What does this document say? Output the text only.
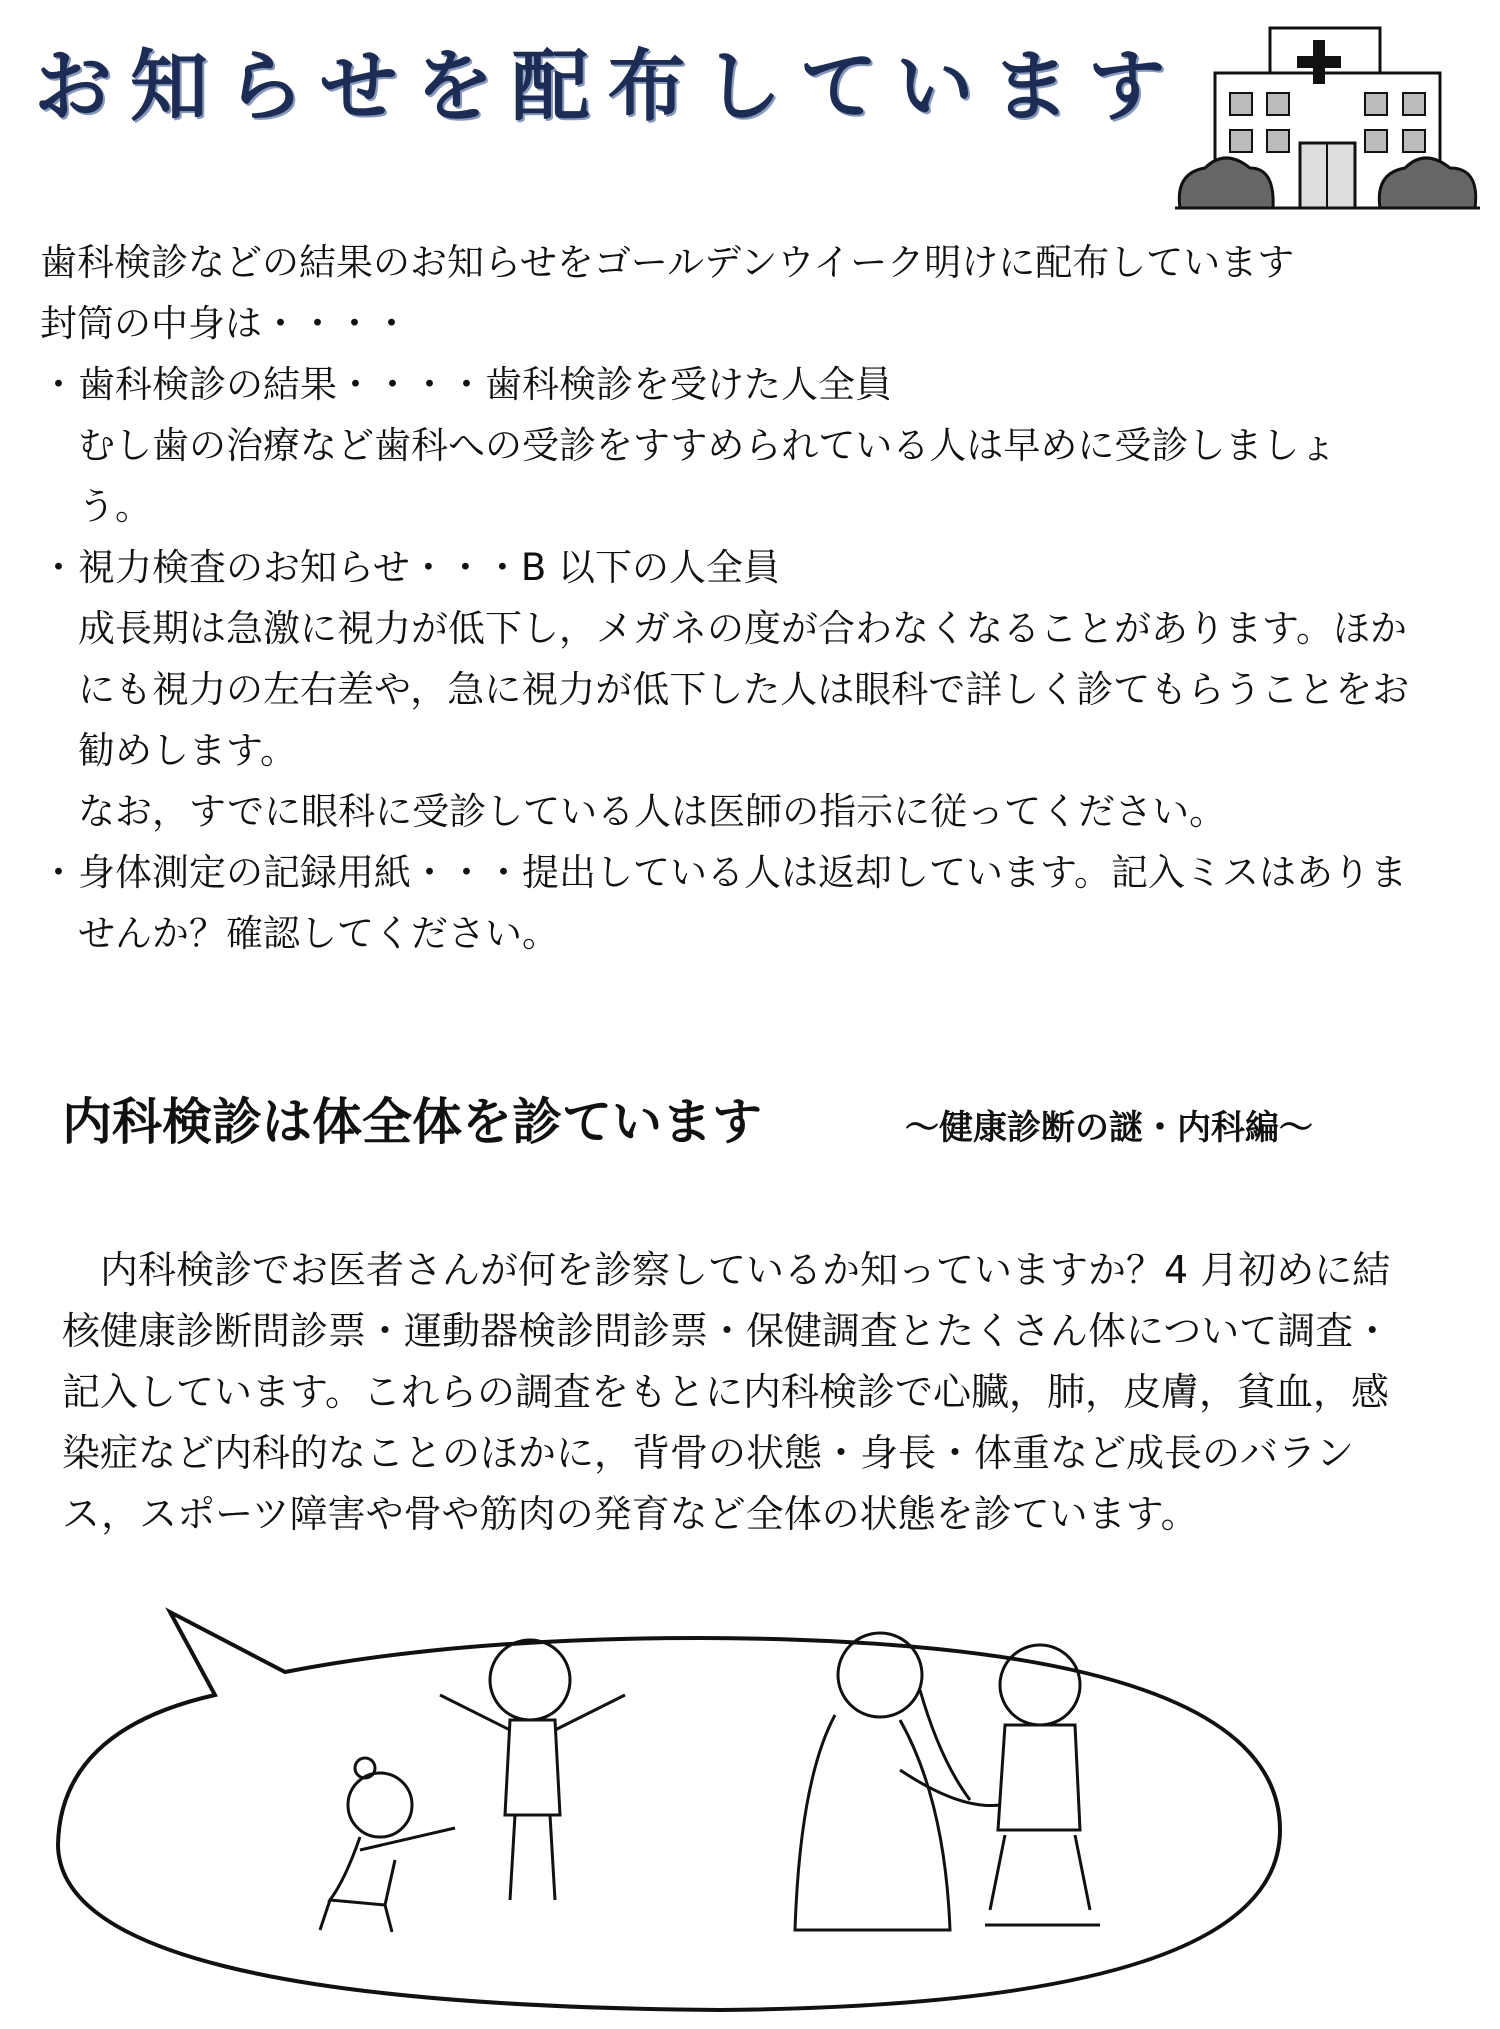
お知らせを配布しています

歯科検診などの結果のお知らせをゴールデンウイーク明けに配布しています

封筒の中身は・・・・

・ 歯科検診の結果・・・・歯科検診を受けた人全員

むし歯の治療など歯科への受診をすすめられている人は早めに受診しましょう。

・ 視力検査のお知らせ・・・B 以下の人全員

成長期は急激に視力が低下し，メガネの度が合わなくなることがあります。ほかにも視力の左右差や，急に視力が低下した人は眼科で詳しく診てもらうことをお勧めします。

なお，すでに眼科に受診している人は医師の指示に従ってください。

・ 身体測定の記録用紙・・・提出している人は返却しています。記入ミスはありませんか？確認してください。

内科検診は体全体を診ています	～健康診断の謎・内科編～

　内科検診でお医者さんが何を診察しているか知っていますか？4 月初めに結核健康診断問診票・運動器検診問診票・保健調査とたくさん体について調査・記入しています。これらの調査をもとに内科検診で心臓，肺，皮膚，貧血，感染症など内科的なことのほかに，背骨の状態・身長・体重など成長のバランス，スポーツ障害や骨や筋肉の発育など全体の状態を診ています。
